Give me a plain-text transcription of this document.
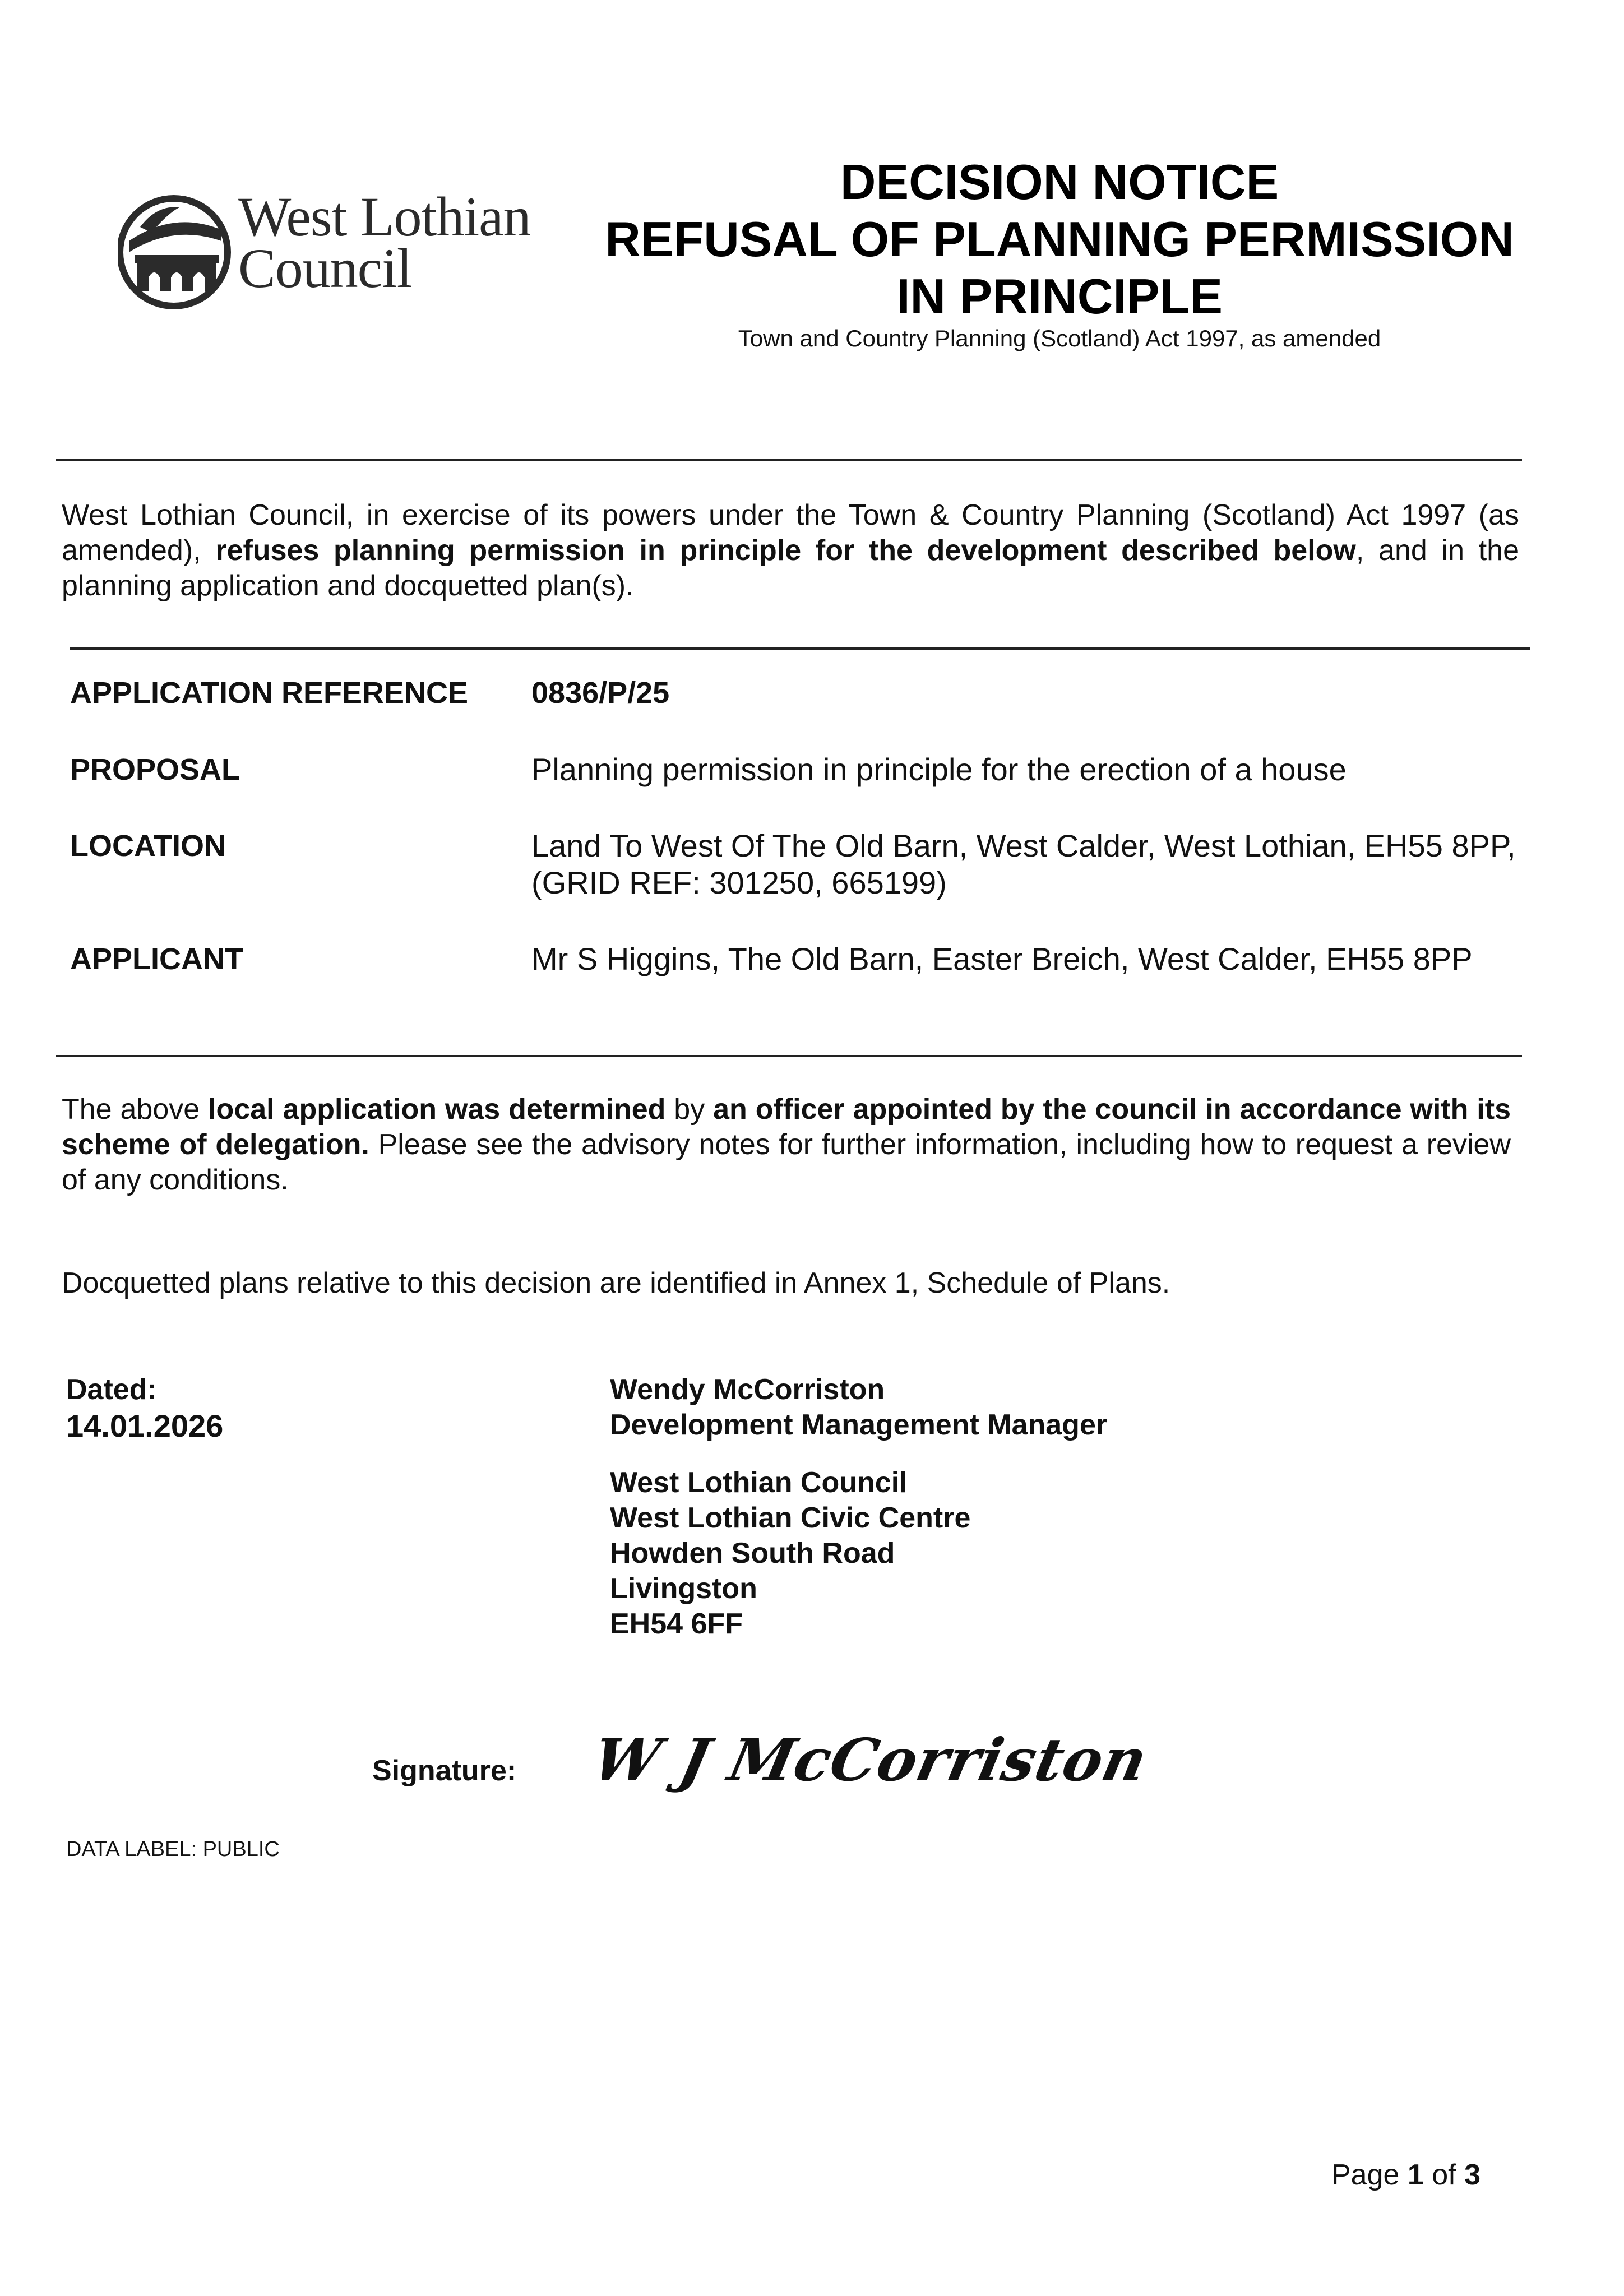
West Lothian
Council
DECISION NOTICE
REFUSAL OF PLANNING PERMISSION
IN PRINCIPLE
Town and Country Planning (Scotland) Act 1997, as amended
West Lothian Council, in exercise of its powers under the Town & Country Planning (Scotland) Act 1997 (as amended), refuses planning permission in principle for the development described below, and in the planning application and docquetted plan(s).
APPLICATION REFERENCE 0836/P/25
PROPOSAL	Planning permission in principle for the erection of a house
LOCATION	Land To West Of The Old Barn, West Calder, West Lothian, EH55 8PP, (GRID REF: 301250, 665199)
APPLICANT	Mr S Higgins, The Old Barn, Easter Breich, West Calder, EH55 8PP
The above local application was determined by an officer appointed by the council in accordance with its scheme of delegation. Please see the advisory notes for further information, including how to request a review of any conditions.
Docquetted plans relative to this decision are identified in Annex 1, Schedule of Plans.
Dated:
14.01.2026
Wendy McCorriston
Development Management Manager
West Lothian Council
West Lothian Civic Centre
Howden South Road
Livingston
EH54 6FF
Signature: W J McCorriston
DATA LABEL: PUBLIC
Page 1 of 3
